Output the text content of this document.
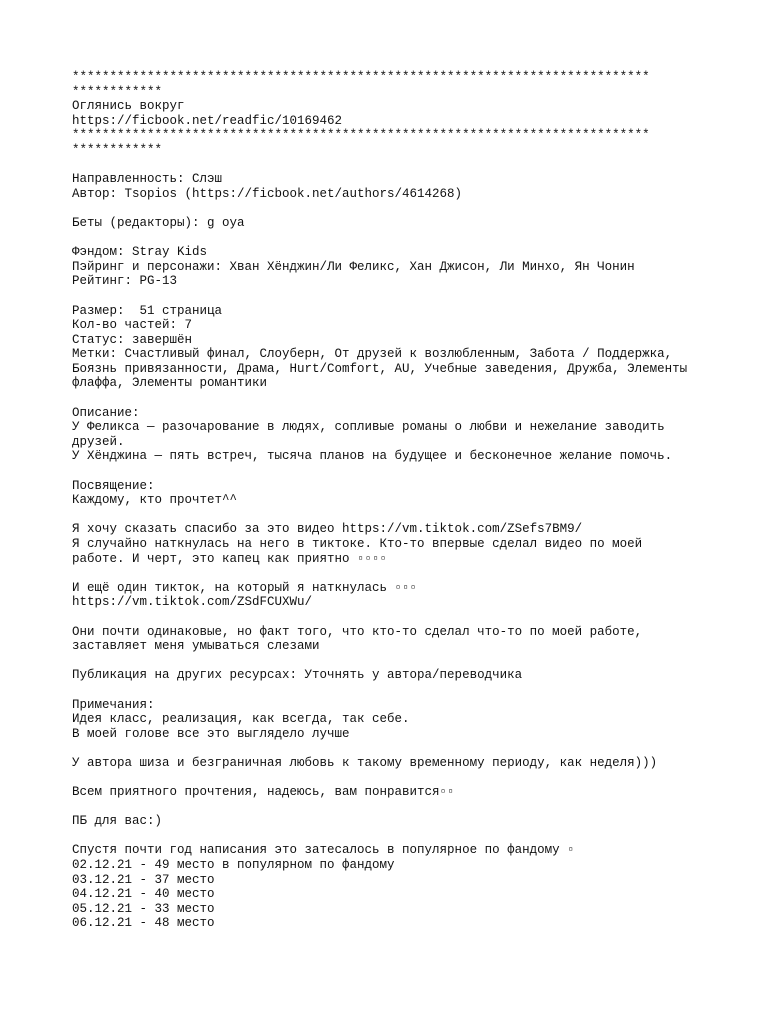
*****************************************************************************
************
Оглянись вокруг
https://ficbook.net/readfic/10169462
*****************************************************************************
************
Направленность: Слэш
Автор: Tsopios (https://ficbook.net/authors/4614268)
Беты (редакторы): g oya
Фэндом: Stray Kids
Пэйринг и персонажи: Хван Хёнджин/Ли Феликс, Хан Джисон, Ли Минхо, Ян Чонин
Рейтинг: PG-13
Размер:  51 страница
Кол-во частей: 7
Статус: завершён
Метки: Счастливый финал, Слоуберн, От друзей к возлюбленным, Забота / Поддержка,
Боязнь привязанности, Драма, Hurt/Comfort, AU, Учебные заведения, Дружба, Элементы
флаффа, Элементы романтики
Описание:
У Феликса — разочарование в людях, сопливые романы о любви и нежелание заводить
друзей.
У Хёнджина — пять встреч, тысяча планов на будущее и бесконечное желание помочь.
Посвящение:
Каждому, кто прочтет^^
Я хочу сказать спасибо за это видео https://vm.tiktok.com/ZSefs7BM9/
Я случайно наткнулась на него в тиктоке. Кто-то впервые сделал видео по моей
работе. И черт, это капец как приятно ▫▫▫▫
И ещё один тикток, на который я наткнулась ▫▫▫
https://vm.tiktok.com/ZSdFCUXWu/
Они почти одинаковые, но факт того, что кто-то сделал что-то по моей работе,
заставляет меня умываться слезами
Публикация на других ресурсах: Уточнять у автора/переводчика
Примечания:
Идея класс, реализация, как всегда, так себе.
В моей голове все это выглядело лучше
У автора шиза и безграничная любовь к такому временному периоду, как неделя)))
Всем приятного прочтения, надеюсь, вам понравится▫▫
ПБ для вас:)
Спустя почти год написания это затесалось в популярное по фандому ▫
02.12.21 - 49 место в популярном по фандому
03.12.21 - 37 место
04.12.21 - 40 место
05.12.21 - 33 место
06.12.21 - 48 место
